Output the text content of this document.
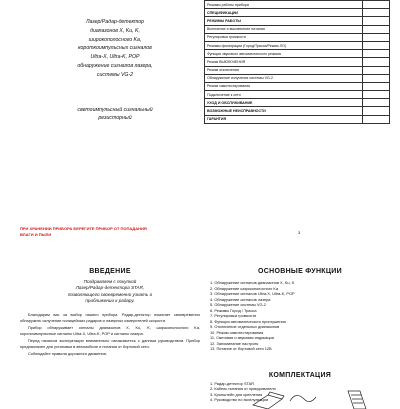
Лазер/Радар-детектор
диапазонов X, Ku, K,
широкополосного Ka,
короткоимпульсных сигналов
Ultra-X, Ultra-K, POP
обнаружение сигналов лазера,
системы VG-2
светоимпульсный сигнальный
резисторный
Режимы работы прибора	
СПЕЦИФИКАЦИИ	
РЕЖИМЫ РАБОТЫ	
Включение и выключение питания	
Регулировка громкости	
Режимы фильтрации (Город/Трасса/Режим ЛО)	
Функция звукового автоматического режима	
Режим ВЫКЛЮЧЕНИЯ	
Режим отключения	
Обнаружение излучения системы VG-2	
Режим самотестирования	
Подключение к сети	
УХОД И ОБСЛУЖИВАНИЕ	
ВОЗМОЖНЫЕ НЕИСПРАВНОСТИ	
ГАРАНТИЯ	
ПРИ ХРАНЕНИИ ПРИБОРА БЕРЕГИТЕ ПРИБОР ОТ ПОПАДАНИЯ
ВЛАГИ И ПЫЛИ	3
ВВЕДЕНИЕ
Поздравляем с покупкой
Лазер/Радар-детектора STAR,
позволяющего своевременно узнать о
приближении к радару.

Благодарим вас за выбор нашего прибора. Радар-детектор помогает своевременно обнаружить излучение полицейских радаров и лазерных измерителей скорости.

Прибор обнаруживает сигналы диапазонов X, Ku, K, широкополосного Ka, короткоимпульсные сигналы Ultra-X, Ultra-K, POP и сигналы лазера.

Перед началом эксплуатации внимательно ознакомьтесь с данным руководством. Прибор предназначен для установки в автомобиле и питания от бортовой сети.

Соблюдайте правила дорожного движения.

ОСНОВНЫЕ ФУНКЦИИ
1. Обнаружение сигналов диапазонов X, Ku, K
2. Обнаружение широкополосного Ka
3. Обнаружение сигналов Ultra-X, Ultra-K, POP
4. Обнаружение сигналов лазера
5. Обнаружение системы VG-2
6. Режимы Город / Трасса
7. Регулировка громкости
8. Функция автоматического приглушения
9. Отключение отдельных диапазонов
10. Режим самотестирования
11. Световая и звуковая индикация
12. Запоминание настроек
13. Питание от бортовой сети 12В
КОМПЛЕКТАЦИЯ
1. Радар-детектор STAR
2. Кабель питания от прикуривателя
3. Кронштейн для крепления
4. Руководство по эксплуатации
